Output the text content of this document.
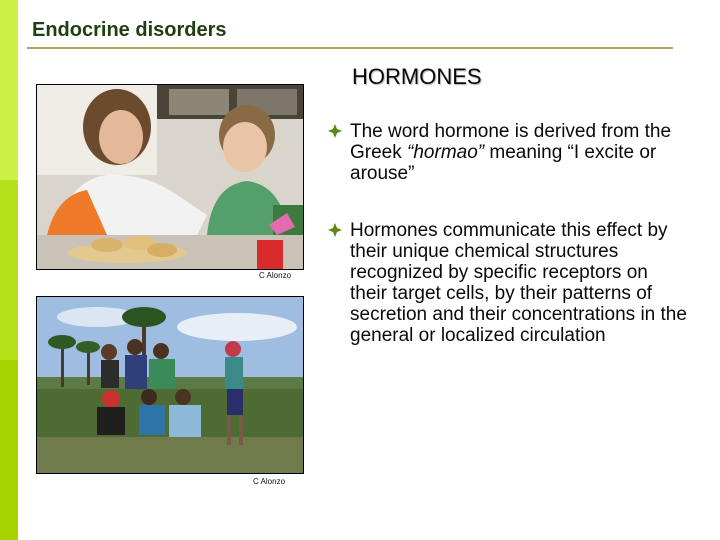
Endocrine disorders
HORMONES
C Alonzo
C Alonzo
The word hormone is derived from the Greek “hormao” meaning “I excite or arouse”
Hormones communicate this effect by their unique chemical structures recognized by specific receptors on their target cells, by their patterns of secretion and their concentrations in the general or localized circulation
